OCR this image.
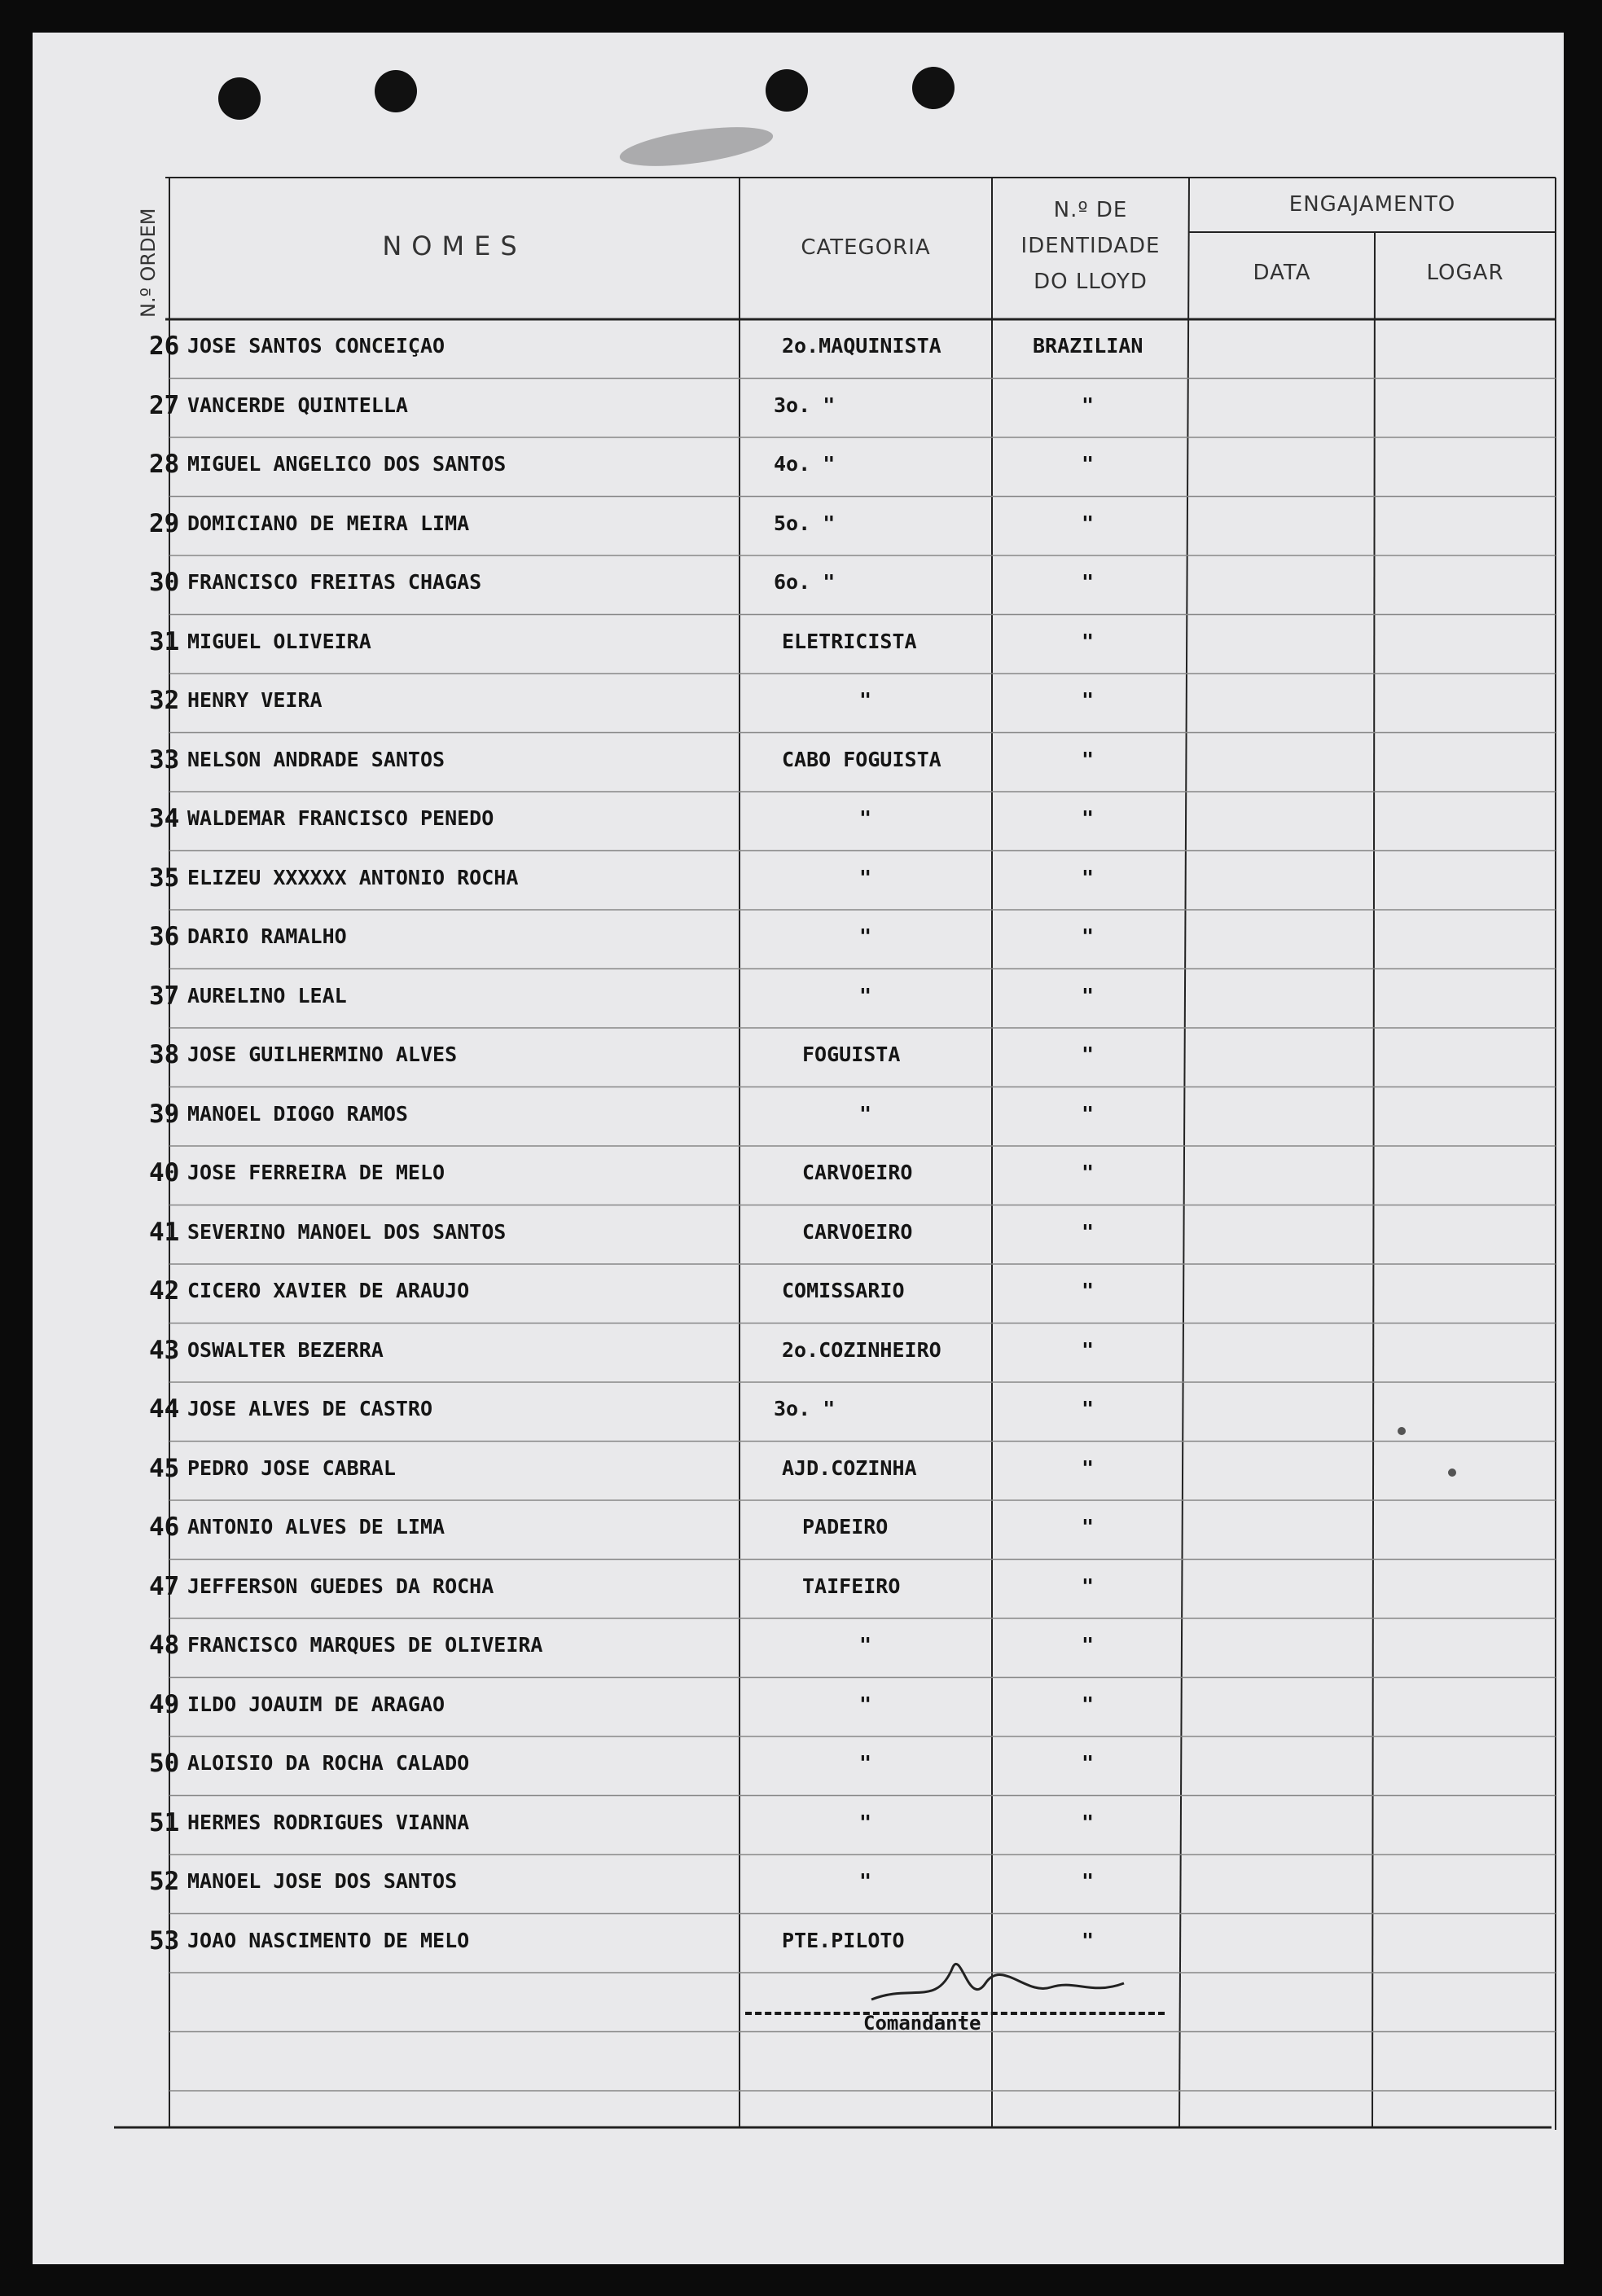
NOMES	CATEGORIA
N.º DE
IDENTIDADE
DO LLOYD
ENGAJAMENTO
DATA	LOGAR
26 JOSE SANTOS CONCEIÇAO	2o.MAQUINISTA	BRAZILIAN
27 VANCERDE QUINTELLA	3o. "	"
28 MIGUEL ANGELICO DOS SANTOS	4o. "	"
29 DOMICIANO DE MEIRA LIMA	5o. "	"
30 FRANCISCO FREITAS CHAGAS	6o. "	"
31 MIGUEL OLIVEIRA	ELETRICISTA	"
32 HENRY VEIRA	"	"
33 NELSON ANDRADE SANTOS	CABO FOGUISTA	"
34 WALDEMAR FRANCISCO PENEDO	"	"
35 ELIZEU XXXXXX ANTONIO ROCHA	"	"
36 DARIO RAMALHO	"	"
37 AURELINO LEAL	"	"
38 JOSE GUILHERMINO ALVES	FOGUISTA	"
39 MANOEL DIOGO RAMOS	"	"
40 JOSE FERREIRA DE MELO	CARVOEIRO	"
41 SEVERINO MANOEL DOS SANTOS	CARVOEIRO	"
42 CICERO XAVIER DE ARAUJO	COMISSARIO	"
43 OSWALTER BEZERRA	2o.COZINHEIRO	"
44 JOSE ALVES DE CASTRO	3o. "	"
45 PEDRO JOSE CABRAL	AJD.COZINHA	"
46 ANTONIO ALVES DE LIMA	PADEIRO	"
47 JEFFERSON GUEDES DA ROCHA	TAIFEIRO	"
48 FRANCISCO MARQUES DE OLIVEIRA	"	"
49 ILDO JOAUIM DE ARAGAO	"	"
50 ALOISIO DA ROCHA CALADO	"	"
51 HERMES RODRIGUES VIANNA	"	"
52 MANOEL JOSE DOS SANTOS	"	"
53 JOAO NASCIMENTO DE MELO	PTE.PILOTO	"
Comandante
